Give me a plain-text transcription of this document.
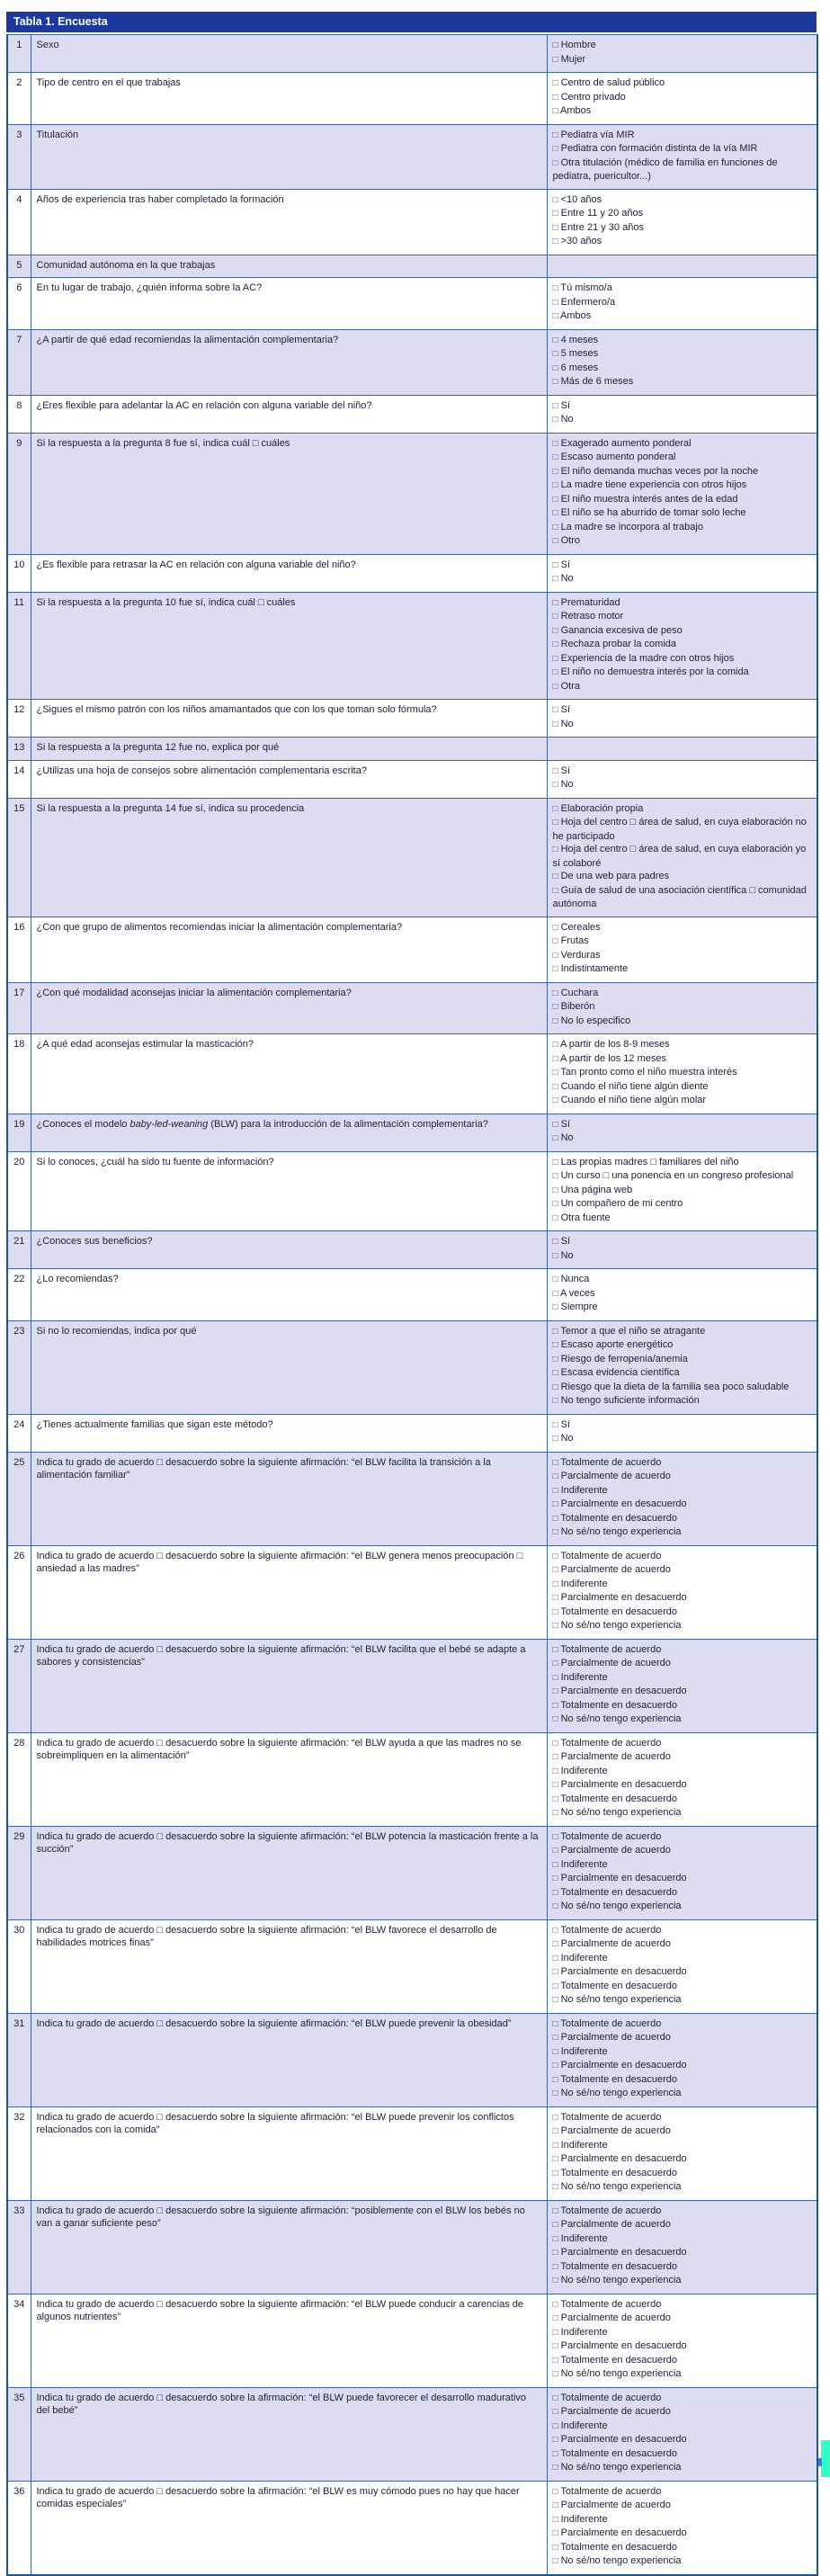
Tabla 1. Encuesta
1	Sexo	□ Hombre
□ Mujer

2	Tipo de centro en el que trabajas	□ Centro de salud público
□ Centro privado
□ Ambos

3	Titulación	□ Pediatra vía MIR
□ Pediatra con formación distinta de la vía MIR
□ Otra titulación (médico de familia en funciones de pediatra, puericultor...)

4	Años de experiencia tras haber completado la formación	□ <10 años
□ Entre 11 y 20 años
□ Entre 21 y 30 años
□ >30 años

5	Comunidad autónoma en la que trabajas	
6	En tu lugar de trabajo, ¿quién informa sobre la AC?	□ Tú mismo/a
□ Enfermero/a
□ Ambos

7	¿A partir de qué edad recomiendas la alimentación complementaria?	□ 4 meses
□ 5 meses
□ 6 meses
□ Más de 6 meses

8	¿Eres flexible para adelantar la AC en relación con alguna variable del niño?	□ Sí
□ No

9	Si la respuesta a la pregunta 8 fue sí, indica cuál □ cuáles	□ Exagerado aumento ponderal
□ Escaso aumento ponderal
□ El niño demanda muchas veces por la noche
□ La madre tiene experiencia con otros hijos
□ El niño muestra interés antes de la edad
□ El niño se ha aburrido de tomar solo leche
□ La madre se incorpora al trabajo
□ Otro

10	¿Es flexible para retrasar la AC en relación con alguna variable del niño?	□ Sí
□ No

11	Si la respuesta a la pregunta 10 fue sí, indica cuál □ cuáles	□ Prematuridad
□ Retraso motor
□ Ganancia excesiva de peso
□ Rechaza probar la comida
□ Experiencia de la madre con otros hijos
□ El niño no demuestra interés por la comida
□ Otra

12	¿Sigues el mismo patrón con los niños amamantados que con los que toman solo fórmula?	□ Sí
□ No

13	Si la respuesta a la pregunta 12 fue no, explica por qué	
14	¿Utilizas una hoja de consejos sobre alimentación complementaria escrita?	□ Sí
□ No

15	Si la respuesta a la pregunta 14 fue sí, indica su procedencia	□ Elaboración propia
□ Hoja del centro □ área de salud, en cuya elaboración no he participado
□ Hoja del centro □ área de salud, en cuya elaboración yo sí colaboré
□ De una web para padres
□ Guía de salud de una asociación científica □ comunidad autónoma

16	¿Con que grupo de alimentos recomiendas iniciar la alimentación complementaria?	□ Cereales
□ Frutas
□ Verduras
□ Indistintamente

17	¿Con qué modalidad aconsejas iniciar la alimentación complementaria?	□ Cuchara
□ Biberón
□ No lo especifico

18	¿A qué edad aconsejas estimular la masticación?	□ A partir de los 8-9 meses
□ A partir de los 12 meses
□ Tan pronto como el niño muestra interés
□ Cuando el niño tiene algún diente
□ Cuando el niño tiene algún molar

19	¿Conoces el modelo baby-led-weaning (BLW) para la introducción de la alimentación complementaria?	□ Sí
□ No

20	Si lo conoces, ¿cuál ha sido tu fuente de información?	□ Las propias madres □ familiares del niño
□ Un curso □ una ponencia en un congreso profesional
□ Una página web
□ Un compañero de mi centro
□ Otra fuente

21	¿Conoces sus beneficios?	□ Sí
□ No

22	¿Lo recomiendas?	□ Nunca
□ A veces
□ Siempre

23	Si no lo recomiendas, indica por qué	□ Temor a que el niño se atragante
□ Escaso aporte energético
□ Riesgo de ferropenia/anemia
□ Escasa evidencia científica
□ Riesgo que la dieta de la familia sea poco saludable
□ No tengo suficiente información

24	¿Tienes actualmente familias que sigan este método?	□ Sí
□ No

25	Indica tu grado de acuerdo □ desacuerdo sobre la siguiente afirmación: “el BLW facilita la transición a la alimentación familiar”	
□ Totalmente de acuerdo
□ Parcialmente de acuerdo
□ Indiferente
□ Parcialmente en desacuerdo
□ Totalmente en desacuerdo
□ No sé/no tengo experiencia

26	Indica tu grado de acuerdo □ desacuerdo sobre la siguiente afirmación: “el BLW genera menos preocupación □ ansiedad a las madres”	
□ Totalmente de acuerdo
□ Parcialmente de acuerdo
□ Indiferente
□ Parcialmente en desacuerdo
□ Totalmente en desacuerdo
□ No sé/no tengo experiencia

27	Indica tu grado de acuerdo □ desacuerdo sobre la siguiente afirmación: “el BLW facilita que el bebé se adapte a sabores y consistencias”	
□ Totalmente de acuerdo
□ Parcialmente de acuerdo
□ Indiferente
□ Parcialmente en desacuerdo
□ Totalmente en desacuerdo
□ No sé/no tengo experiencia

28	Indica tu grado de acuerdo □ desacuerdo sobre la siguiente afirmación: “el BLW ayuda a que las madres no se sobreimpliquen en la alimentación”	
□ Totalmente de acuerdo
□ Parcialmente de acuerdo
□ Indiferente
□ Parcialmente en desacuerdo
□ Totalmente en desacuerdo
□ No sé/no tengo experiencia

29	Indica tu grado de acuerdo □ desacuerdo sobre la siguiente afirmación: “el BLW potencia la masticación frente a la succión”	
□ Totalmente de acuerdo
□ Parcialmente de acuerdo
□ Indiferente
□ Parcialmente en desacuerdo
□ Totalmente en desacuerdo
□ No sé/no tengo experiencia

30	Indica tu grado de acuerdo □ desacuerdo sobre la siguiente afirmación: “el BLW favorece el desarrollo de habilidades motrices finas”	
□ Totalmente de acuerdo
□ Parcialmente de acuerdo
□ Indiferente
□ Parcialmente en desacuerdo
□ Totalmente en desacuerdo
□ No sé/no tengo experiencia

31	Indica tu grado de acuerdo □ desacuerdo sobre la siguiente afirmación: “el BLW puede prevenir la obesidad”	□ Totalmente de acuerdo
□ Parcialmente de acuerdo
□ Indiferente
□ Parcialmente en desacuerdo
□ Totalmente en desacuerdo
□ No sé/no tengo experiencia

32	Indica tu grado de acuerdo □ desacuerdo sobre la siguiente afirmación: “el BLW puede prevenir los conflictos relacionados con la comida”	
□ Totalmente de acuerdo
□ Parcialmente de acuerdo
□ Indiferente
□ Parcialmente en desacuerdo
□ Totalmente en desacuerdo
□ No sé/no tengo experiencia

33	Indica tu grado de acuerdo □ desacuerdo sobre la siguiente afirmación: “posiblemente con el BLW los bebés no van a ganar suficiente peso”	
□ Totalmente de acuerdo
□ Parcialmente de acuerdo
□ Indiferente
□ Parcialmente en desacuerdo
□ Totalmente en desacuerdo
□ No sé/no tengo experiencia

34	Indica tu grado de acuerdo □ desacuerdo sobre la siguiente afirmación: “el BLW puede conducir a carencias de algunos nutrientes”	
□ Totalmente de acuerdo
□ Parcialmente de acuerdo
□ Indiferente
□ Parcialmente en desacuerdo
□ Totalmente en desacuerdo
□ No sé/no tengo experiencia

35	Indica tu grado de acuerdo □ desacuerdo sobre la afirmación: “el BLW puede favorecer el desarrollo madurativo del bebé”	
□ Totalmente de acuerdo
□ Parcialmente de acuerdo
□ Indiferente
□ Parcialmente en desacuerdo
□ Totalmente en desacuerdo
□ No sé/no tengo experiencia

36	Indica tu grado de acuerdo □ desacuerdo sobre la afirmación: “el BLW es muy cómodo pues no hay que hacer comidas especiales”	
□ Totalmente de acuerdo
□ Parcialmente de acuerdo
□ Indiferente
□ Parcialmente en desacuerdo
□ Totalmente en desacuerdo
□ No sé/no tengo experiencia
